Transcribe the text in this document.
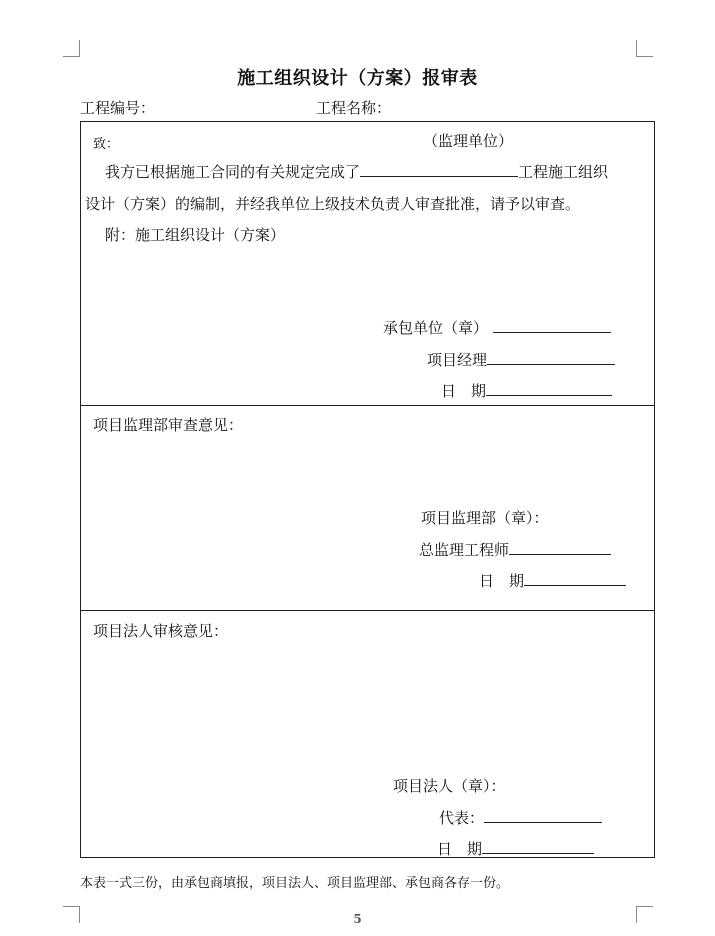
施工组织设计（方案）报审表
工程编号：	工程名称：
致：	（监理单位）
我方已根据施工合同的有关规定完成了	工程施工组织
设计（方案）的编制，并经我单位上级技术负责人审查批准，请予以审查。
附：施工组织设计（方案）
承包单位（章）
项目经理
日　期
项目监理部审查意见：
项目监理部（章）：
总监理工程师
日　期
项目法人审核意见：
项目法人（章）：
代表：
日　期
本表一式三份，由承包商填报，项目法人、项目监理部、承包商各存一份。
5
